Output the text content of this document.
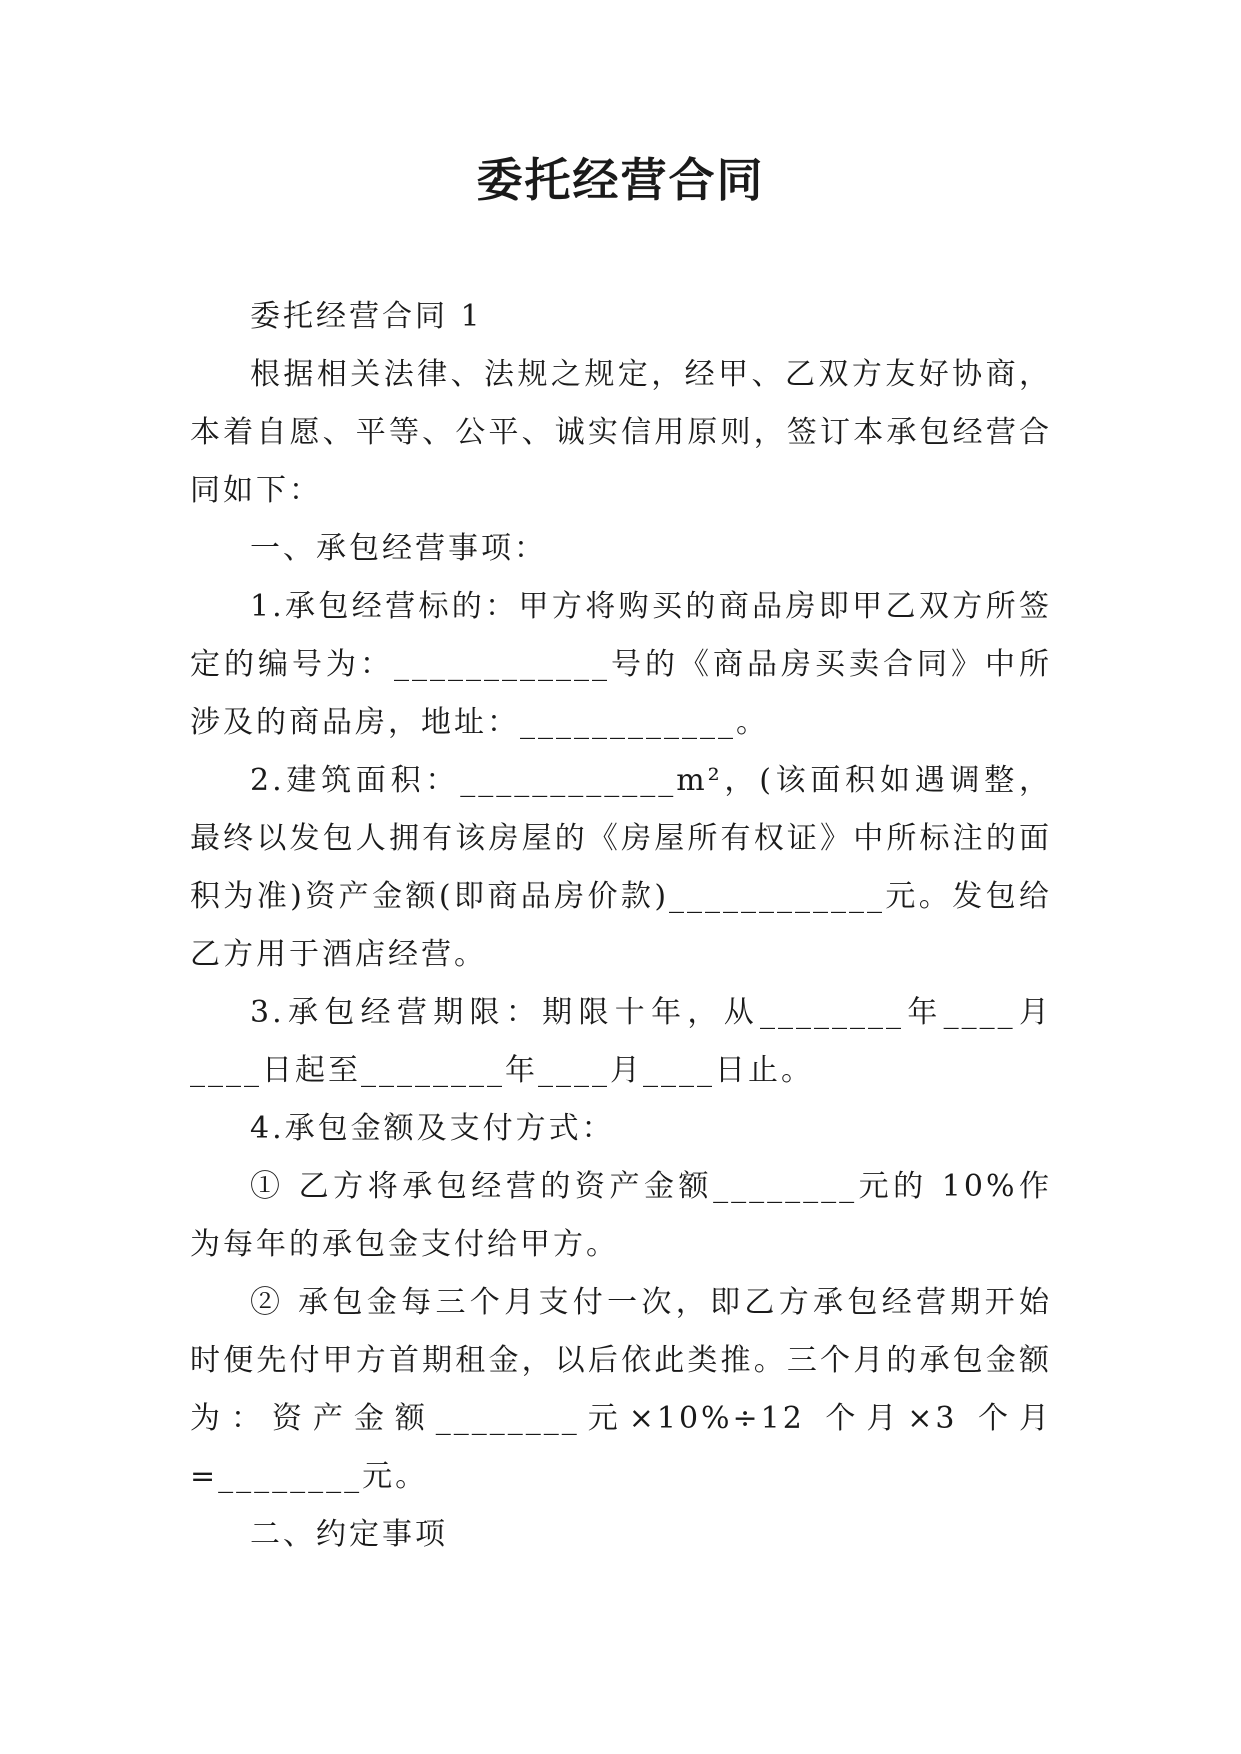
委托经营合同

委托经营合同 1

根据相关法律、法规之规定，经甲、乙双方友好协商，本着自愿、平等、公平、诚实信用原则，签订本承包经营合同如下：

一、承包经营事项：

1.承包经营标的：甲方将购买的商品房即甲乙双方所签定的编号为：____________号的《商品房买卖合同》中所涉及的商品房，地址：____________。

2.建筑面积：____________m²，(该面积如遇调整，最终以发包人拥有该房屋的《房屋所有权证》中所标注的面积为准)资产金额(即商品房价款)____________元。发包给乙方用于酒店经营。

3.承包经营期限：期限十年，从________年____月____日起至________年____月____日止。

4.承包金额及支付方式：

① 乙方将承包经营的资产金额________元的 10%作为每年的承包金支付给甲方。

② 承包金每三个月支付一次，即乙方承包经营期开始时便先付甲方首期租金，以后依此类推。三个月的承包金额为：资产金额________元×10%÷12 个月×3 个月=________元。

二、约定事项
